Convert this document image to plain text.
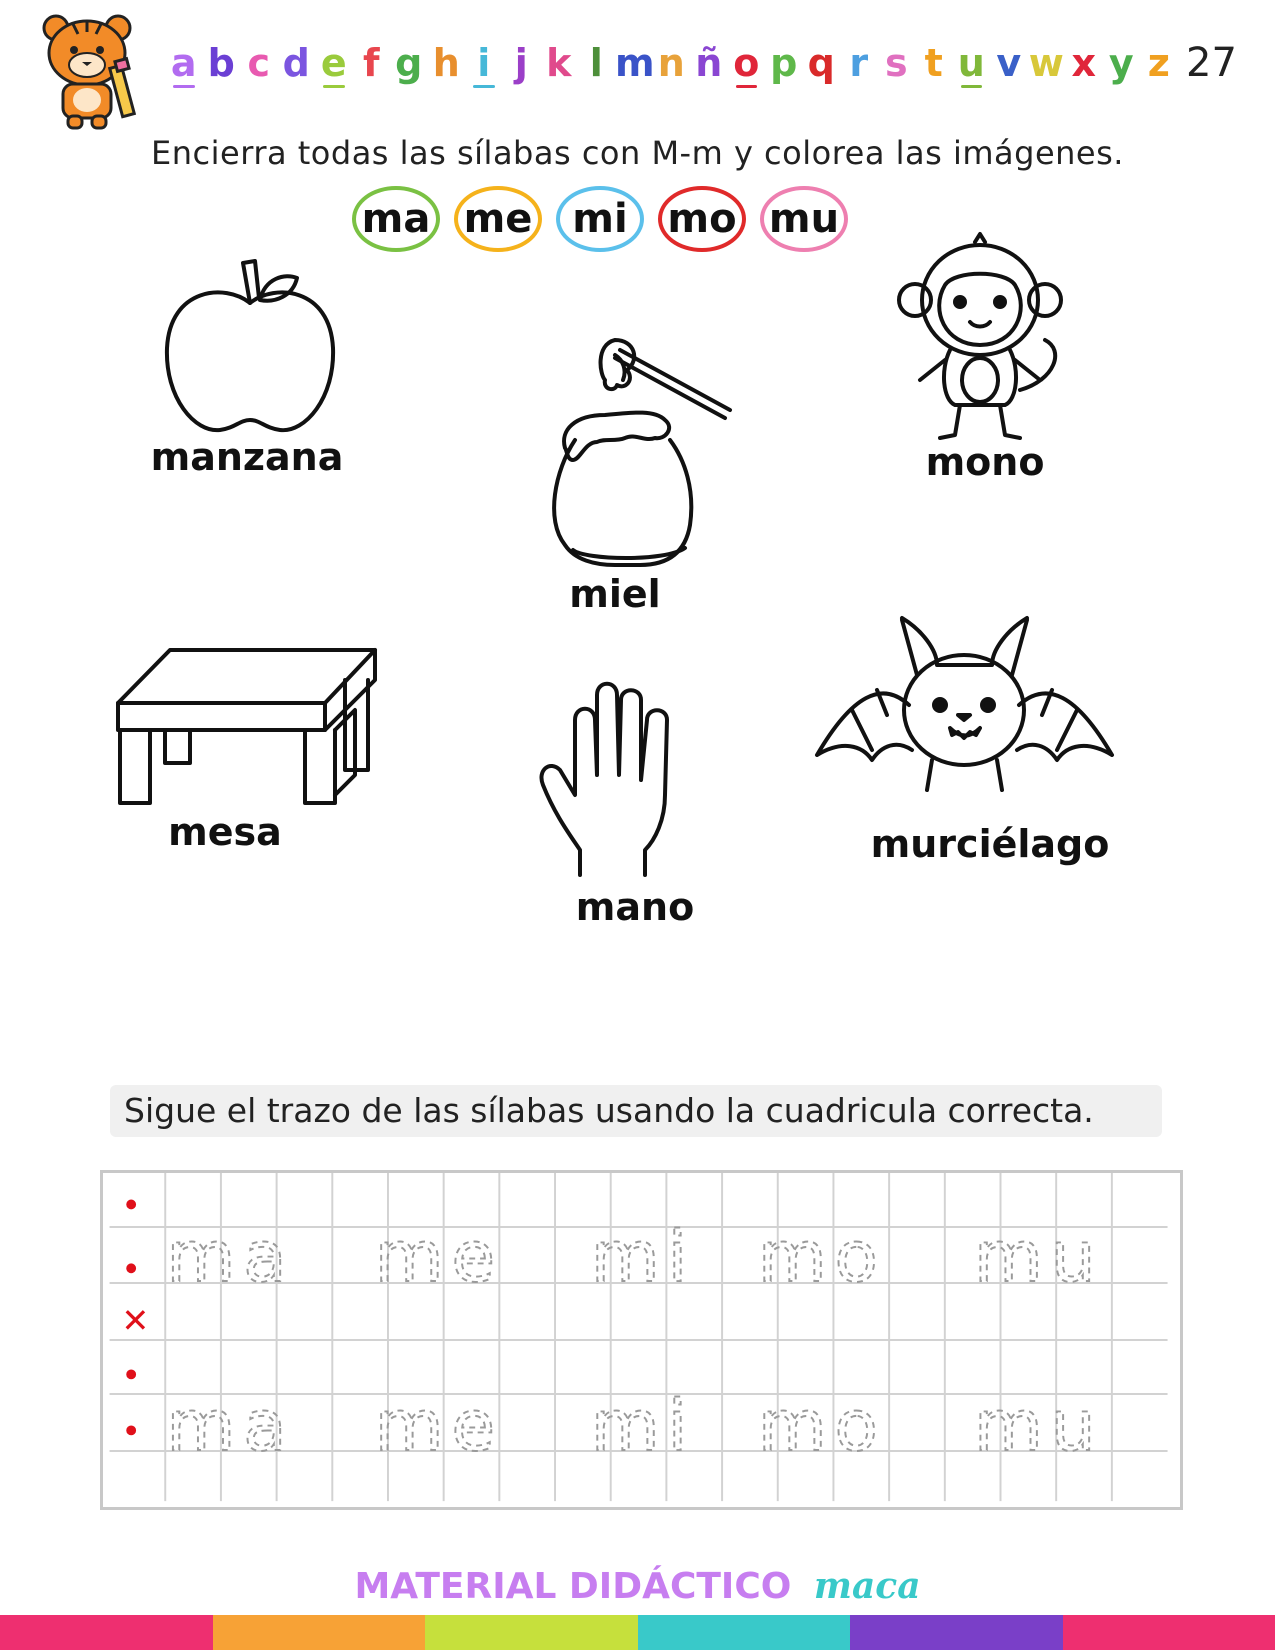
a b c d e f g h i j k l m n ñ o p q r s t u v w x y z 27
Encierra todas las sílabas con M-m y colorea las imágenes.
ma me mi mo mu
manzana
miel
mono
mesa
mano
murciélago
Sigue el trazo de las sílabas usando la cuadricula correcta.
✕
ma me mi mo mu
ma me mi mo mu
MATERIAL DIDÁCTICO maca
